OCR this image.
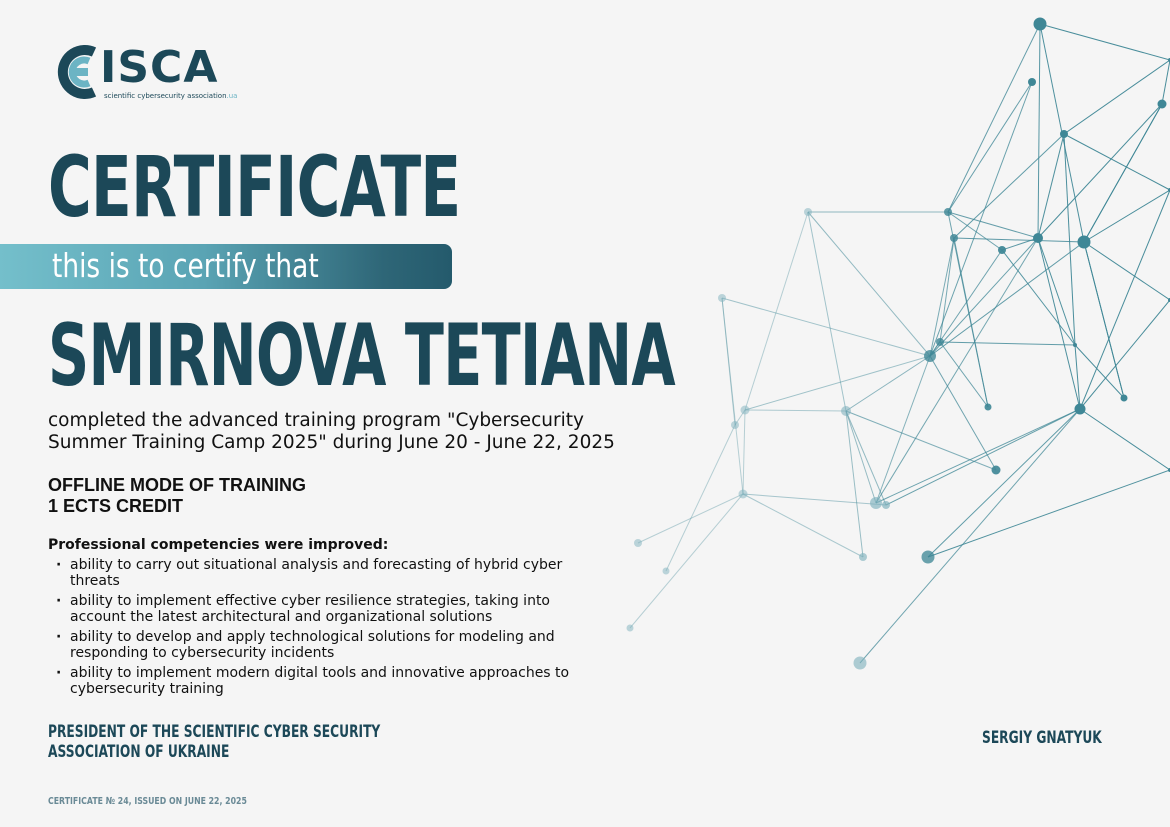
ISCA
scientific cybersecurity association.ua
CERTIFICATE
this is to certify that
SMIRNOVA TETIANA
completed the advanced training program "Cybersecurity
Summer Training Camp 2025" during June 20 - June 22, 2025
OFFLINE MODE OF TRAINING
1 ECTS CREDIT
Professional competencies were improved:
· ability to carry out situational analysis and forecasting of hybrid cyber threats
· ability to implement effective cyber resilience strategies, taking into account the latest architectural and organizational solutions
· ability to develop and apply technological solutions for modeling and responding to cybersecurity incidents
· ability to implement modern digital tools and innovative approaches to cybersecurity training
PRESIDENT OF THE SCIENTIFIC CYBER SECURITY
ASSOCIATION OF UKRAINE
SERGIY GNATYUK
CERTIFICATE № 24, ISSUED ON JUNE 22, 2025
